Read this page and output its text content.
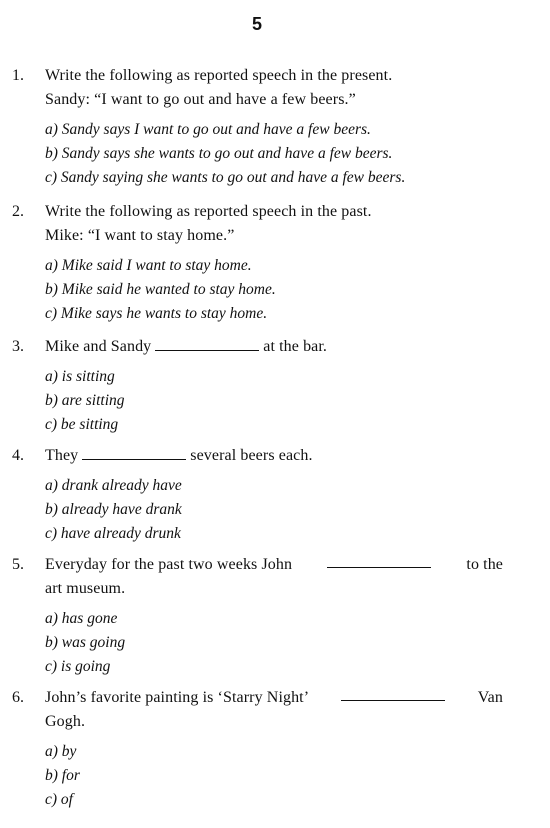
5
1. Write the following as reported speech in the present.
Sandy: “I want to go out and have a few beers.”
a) Sandy says I want to go out and have a few beers.
b) Sandy says she wants to go out and have a few beers.
c) Sandy saying she wants to go out and have a few beers.
2. Write the following as reported speech in the past.
Mike: “I want to stay home.”
a) Mike said I want to stay home.
b) Mike said he wanted to stay home.
c) Mike says he wants to stay home.
3. Mike and Sandy	at the bar.
a) is sitting
b) are sitting
c) be sitting
4. They	several beers each.
a) drank already have
b) already have drank
c) have already drunk
5. Everyday for the past two weeks John	to the
art museum.
a) has gone
b) was going
c) is going
6. John’s favorite painting is ‘Starry Night’	Van
Gogh.
a) by
b) for
c) of
